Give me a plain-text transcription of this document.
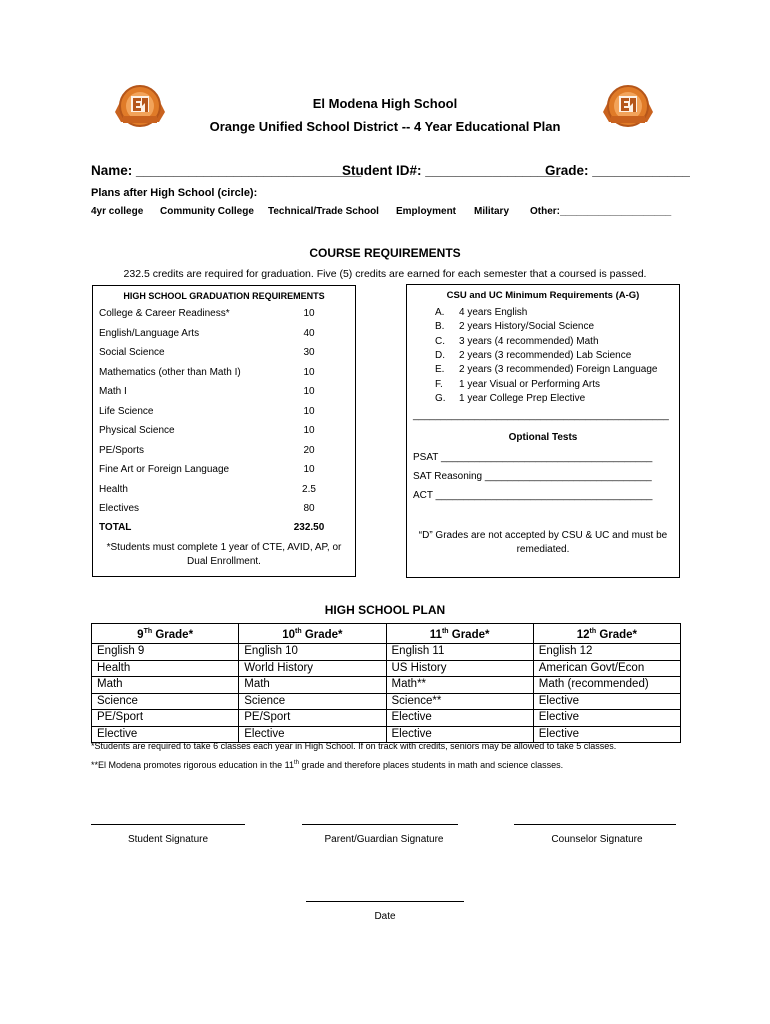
El Modena High School
Orange Unified School District -- 4 Year Educational Plan
Name: ______________________________
Student ID#: __________________
Grade: _____________
Plans after High School (circle):
4yr college Community College Technical/Trade School Employment Military Other:____________________
COURSE REQUIREMENTS
232.5 credits are required for graduation. Five (5) credits are earned for each semester that a coursed is passed.
HIGH SCHOOL GRADUATION REQUIREMENTS
College & Career Readiness*	10
English/Language Arts	40
Social Science	30
Mathematics (other than Math I)	10
Math I	10
Life Science	10
Physical Science	10
PE/Sports	20
Fine Art or Foreign Language	10
Health	2.5
Electives	80
TOTAL	232.50
*Students must complete 1 year of CTE, AVID, AP, or Dual Enrollment.
CSU and UC Minimum Requirements (A-G)
A. 4 years English
B. 2 years History/Social Science
C. 3 years (4 recommended) Math
D. 2 years (3 recommended) Lab Science
E. 2 years (3 recommended) Foreign Language
F. 1 year Visual or Performing Arts
G. 1 year College Prep Elective
______________________________________________
Optional Tests
PSAT ______________________________________
SAT Reasoning ______________________________
ACT _______________________________________
“D” Grades are not accepted by CSU & UC and must be remediated.
HIGH SCHOOL PLAN
9Th Grade*	10th Grade*	11th Grade*	12th Grade*
English 9	English 10	English 11	English 12
Health	World History	US History	American Govt/Econ
Math	Math	Math**	Math (recommended)
Science	Science	Science**	Elective
PE/Sport	PE/Sport	Elective	Elective
Elective	Elective	Elective	Elective
*Students are required to take 6 classes each year in High School. If on track with credits, seniors may be allowed to take 5 classes.
**El Modena promotes rigorous education in the 11th grade and therefore places students in math and science classes.
Student Signature	Parent/Guardian Signature	Counselor Signature
Date
